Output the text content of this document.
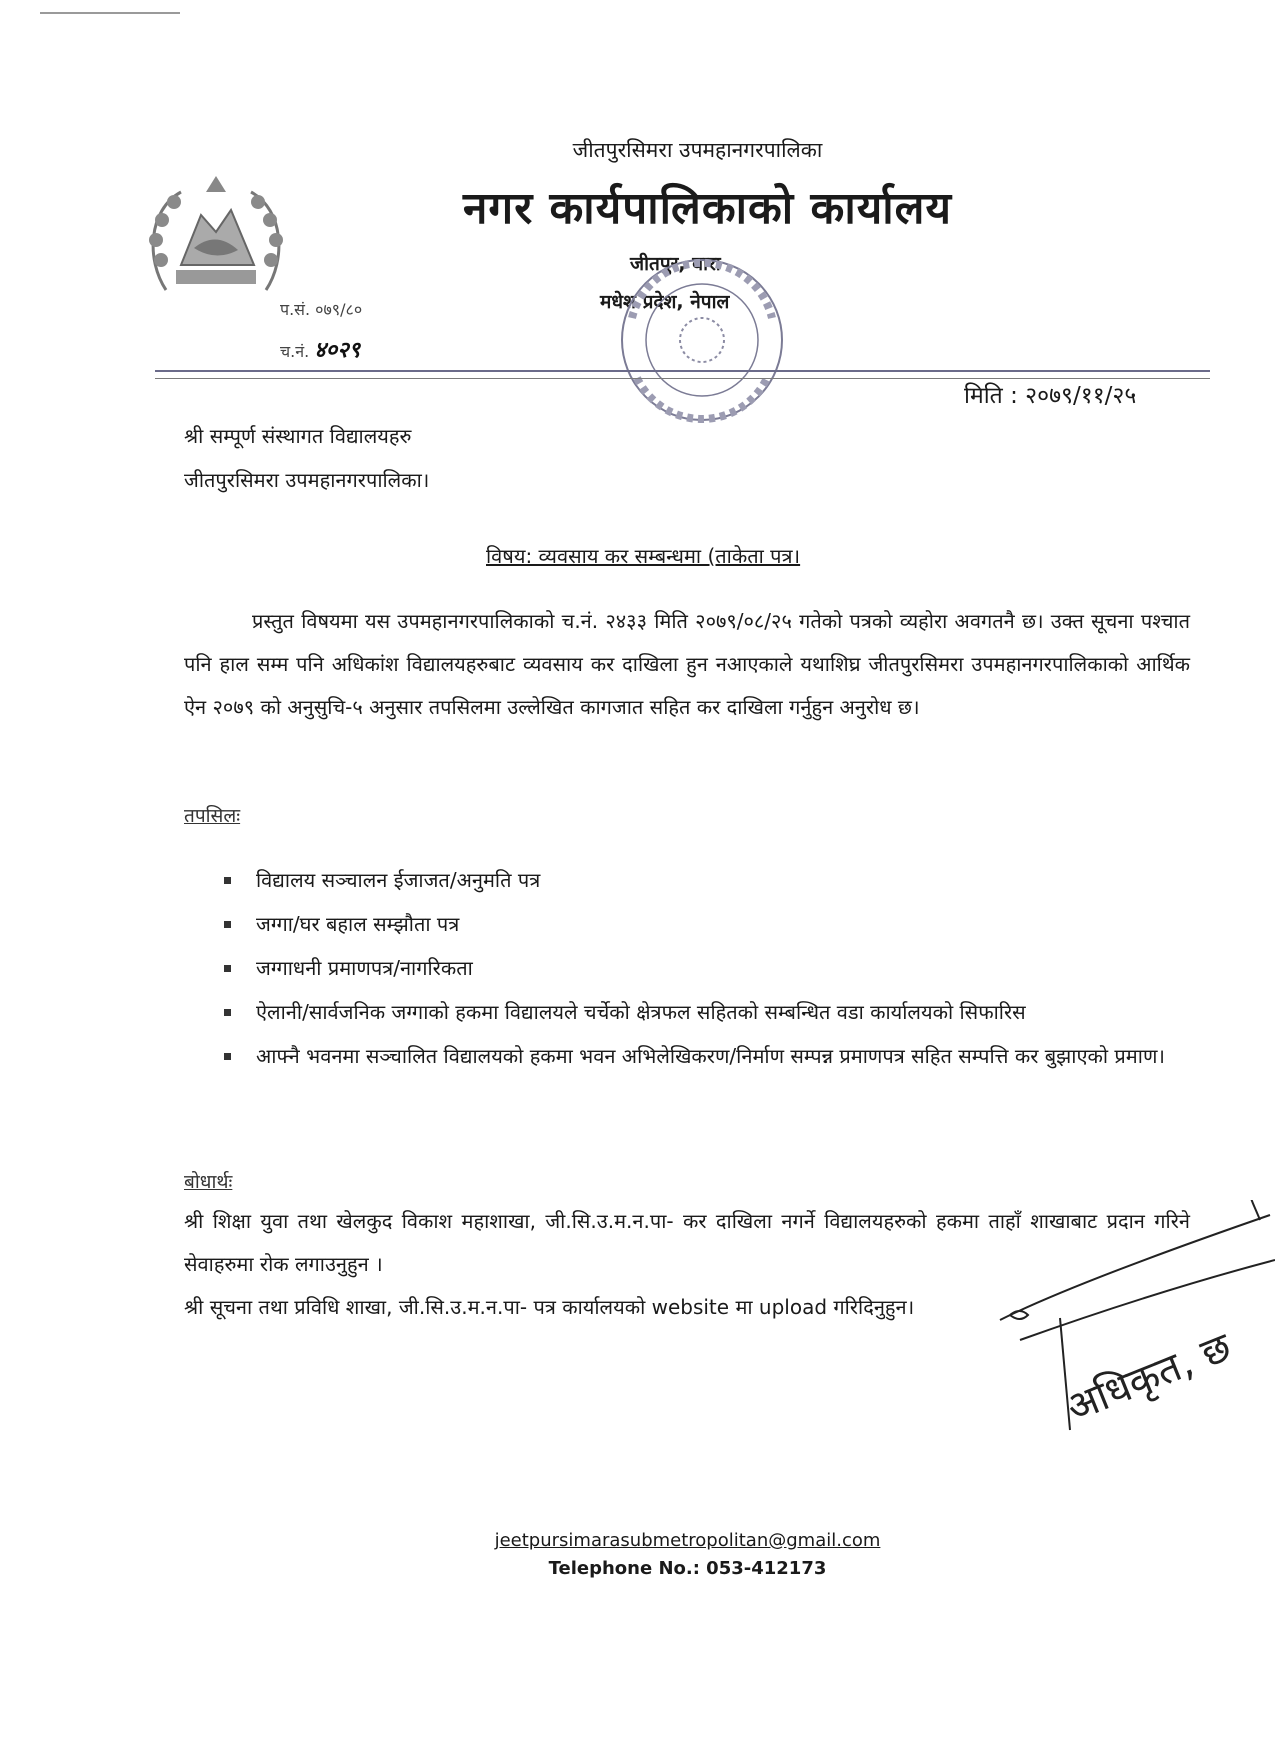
जीतपुरसिमरा उपमहानगरपालिका
नगर कार्यपालिकाको कार्यालय
जीतपुर, बारा
मधेश प्रदेश, नेपाल
प.सं. ०७९/८०
च.नं. ४०२९
मिति : २०७९/११/२५
श्री सम्पूर्ण संस्थागत विद्यालयहरु
जीतपुरसिमरा उपमहानगरपालिका।
विषय: व्यवसाय कर सम्बन्धमा (ताकेता पत्र।
प्रस्तुत विषयमा यस उपमहानगरपालिकाको च.नं. २४३३ मिति २०७९/०८/२५ गतेको पत्रको व्यहोरा अवगतनै छ। उक्त सूचना पश्चात पनि हाल सम्म पनि अधिकांश विद्यालयहरुबाट व्यवसाय कर दाखिला हुन नआएकाले यथाशिघ्र जीतपुरसिमरा उपमहानगरपालिकाको आर्थिक ऐन २०७९ को अनुसुचि-५ अनुसार तपसिलमा उल्लेखित कागजात सहित कर दाखिला गर्नुहुन अनुरोध छ।
तपसिलः
विद्यालय सञ्चालन ईजाजत/अनुमति पत्र
जग्गा/घर बहाल सम्झौता पत्र
जग्गाधनी प्रमाणपत्र/नागरिकता
ऐलानी/सार्वजनिक जग्गाको हकमा विद्यालयले चर्चेको क्षेत्रफल सहितको सम्बन्धित वडा कार्यालयको सिफारिस
आफ्नै भवनमा सञ्चालित विद्यालयको हकमा भवन अभिलेखिकरण/निर्माण सम्पन्न प्रमाणपत्र सहित सम्पत्ति कर बुझाएको प्रमाण।
बोधार्थः

श्री शिक्षा युवा तथा खेलकुद विकाश महाशाखा, जी.सि.उ.म.न.पा- कर दाखिला नगर्ने विद्यालयहरुको हकमा ताहाँ शाखाबाट प्रदान गरिने सेवाहरुमा रोक लगाउनुहुन ।

श्री सूचना तथा प्रविधि शाखा, जी.सि.उ.म.न.पा- पत्र कार्यालयको website मा upload गरिदिनुहुन।

अधिकृत, छ
jeetpursimarasubmetropolitan@gmail.com
Telephone No.: 053-412173
